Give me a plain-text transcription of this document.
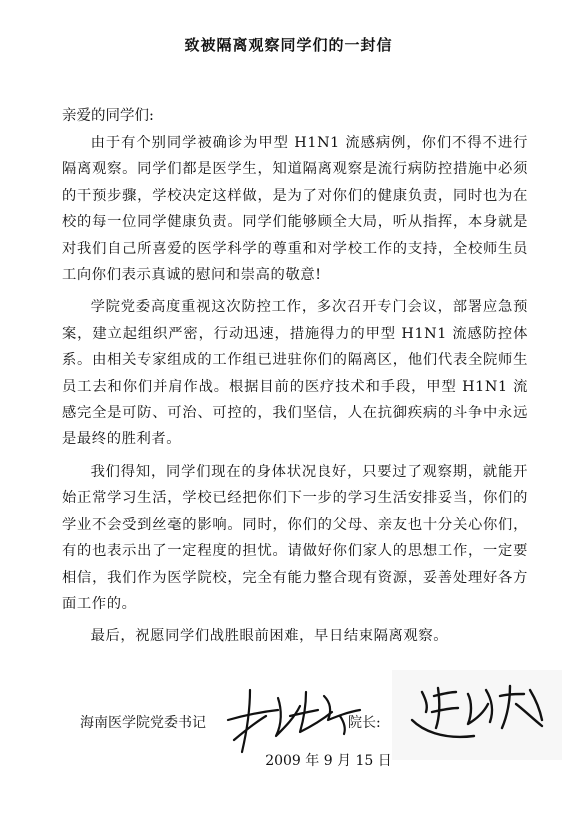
致被隔离观察同学们的一封信
亲爱的同学们:

由于有个别同学被确诊为甲型 H1N1 流感病例，你们不得不进行隔离观察。同学们都是医学生，知道隔离观察是流行病防控措施中必须的干预步骤，学校决定这样做，是为了对你们的健康负责，同时也为在校的每一位同学健康负责。同学们能够顾全大局，听从指挥，本身就是对我们自己所喜爱的医学科学的尊重和对学校工作的支持，全校师生员工向你们表示真诚的慰问和崇高的敬意!

学院党委高度重视这次防控工作，多次召开专门会议，部署应急预案，建立起组织严密，行动迅速，措施得力的甲型 H1N1 流感防控体系。由相关专家组成的工作组已进驻你们的隔离区，他们代表全院师生员工去和你们并肩作战。根据目前的医疗技术和手段，甲型 H1N1 流感完全是可防、可治、可控的，我们坚信，人在抗御疾病的斗争中永远是最终的胜利者。

我们得知，同学们现在的身体状况良好，只要过了观察期，就能开始正常学习生活，学校已经把你们下一步的学习生活安排妥当，你们的学业不会受到丝毫的影响。同时，你们的父母、亲友也十分关心你们，有的也表示出了一定程度的担忧。请做好你们家人的思想工作，一定要相信，我们作为医学院校，完全有能力整合现有资源，妥善处理好各方面工作的。

最后，祝愿同学们战胜眼前困难，早日结束隔离观察。

海南医学院党委书记	院长:
2009 年 9 月 15 日
